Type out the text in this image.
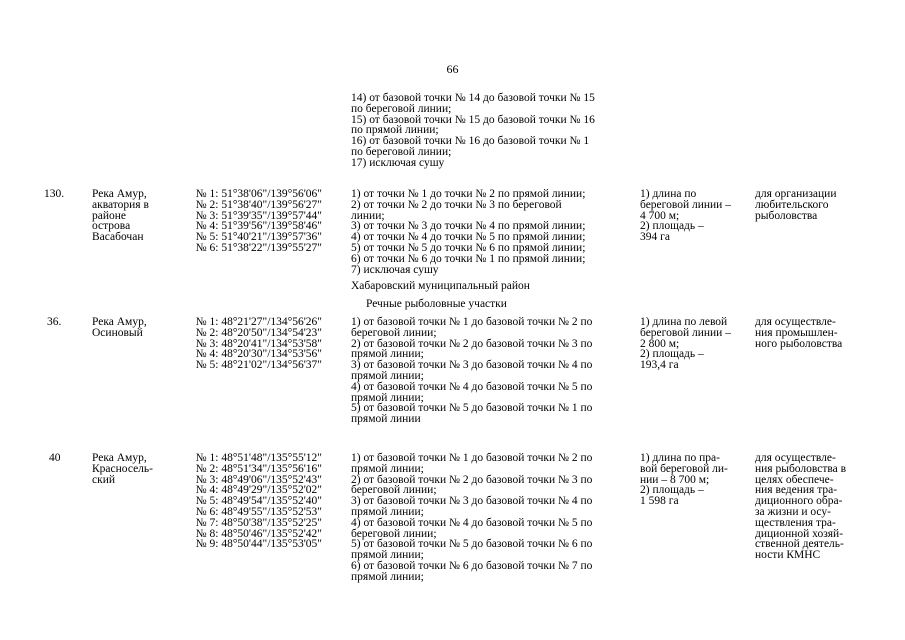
66
14) от базовой точки № 14 до базовой точки № 15
по береговой линии;
15) от базовой точки № 15 до базовой точки № 16
по прямой линии;
16) от базовой точки № 16 до базовой точки № 1
по береговой линии;
17) исключая сушу
130. Река Амур,
акватория в
районе
острова
Васабочан
№ 1: 51°38'06"/139°56'06"
№ 2: 51°38'40"/139°56'27"
№ 3: 51°39'35"/139°57'44"
№ 4: 51°39'56"/139°58'46"
№ 5: 51°40'21"/139°57'36"
№ 6: 51°38'22"/139°55'27"
1) от точки № 1 до точки № 2 по прямой линии;
2) от точки № 2 до точки № 3 по береговой
линии;
3) от точки № 3 до точки № 4 по прямой линии;
4) от точки № 4 до точки № 5 по прямой линии;
5) от точки № 5 до точки № 6 по прямой линии;
6) от точки № 6 до точки № 1 по прямой линии;
7) исключая сушу
1) длина по
береговой линии –
4 700 м;
2) площадь –
394 га
для организации
любительского
рыболовства
Хабаровский муниципальный район
Речные рыболовные участки
36.	Река Амур,
Осиновый
№ 1: 48°21'27"/134°56'26"
№ 2: 48°20'50"/134°54'23"
№ 3: 48°20'41"/134°53'58"
№ 4: 48°20'30"/134°53'56"
№ 5: 48°21'02"/134°56'37"
1) от базовой точки № 1 до базовой точки № 2 по
береговой линии;
2) от базовой точки № 2 до базовой точки № 3 по
прямой линии;
3) от базовой точки № 3 до базовой точки № 4 по
прямой линии;
4) от базовой точки № 4 до базовой точки № 5 по
прямой линии;
5) от базовой точки № 5 до базовой точки № 1 по
прямой линии
1) длина по левой
береговой линии –
2 800 м;
2) площадь –
193,4 га
для осуществле-
ния промышлен-
ного рыболовства
40	Река Амур,
Красносель-
ский
№ 1: 48°51'48"/135°55'12"
№ 2: 48°51'34"/135°56'16"
№ 3: 48°49'06"/135°52'43"
№ 4: 48°49'29"/135°52'02"
№ 5: 48°49'54"/135°52'40"
№ 6: 48°49'55"/135°52'53"
№ 7: 48°50'38"/135°52'25"
№ 8: 48°50'46"/135°52'42"
№ 9: 48°50'44"/135°53'05"
1) от базовой точки № 1 до базовой точки № 2 по
прямой линии;
2) от базовой точки № 2 до базовой точки № 3 по
береговой линии;
3) от базовой точки № 3 до базовой точки № 4 по
прямой линии;
4) от базовой точки № 4 до базовой точки № 5 по
береговой линии;
5) от базовой точки № 5 до базовой точки № 6 по
прямой линии;
6) от базовой точки № 6 до базовой точки № 7 по
прямой линии;
1) длина по пра-
вой береговой ли-
нии – 8 700 м;
2) площадь –
1 598 га
для осуществле-
ния рыболовства в
целях обеспече-
ния ведения тра-
диционного обра-
за жизни и осу-
ществления тра-
диционной хозяй-
ственной деятель-
ности КМНС
